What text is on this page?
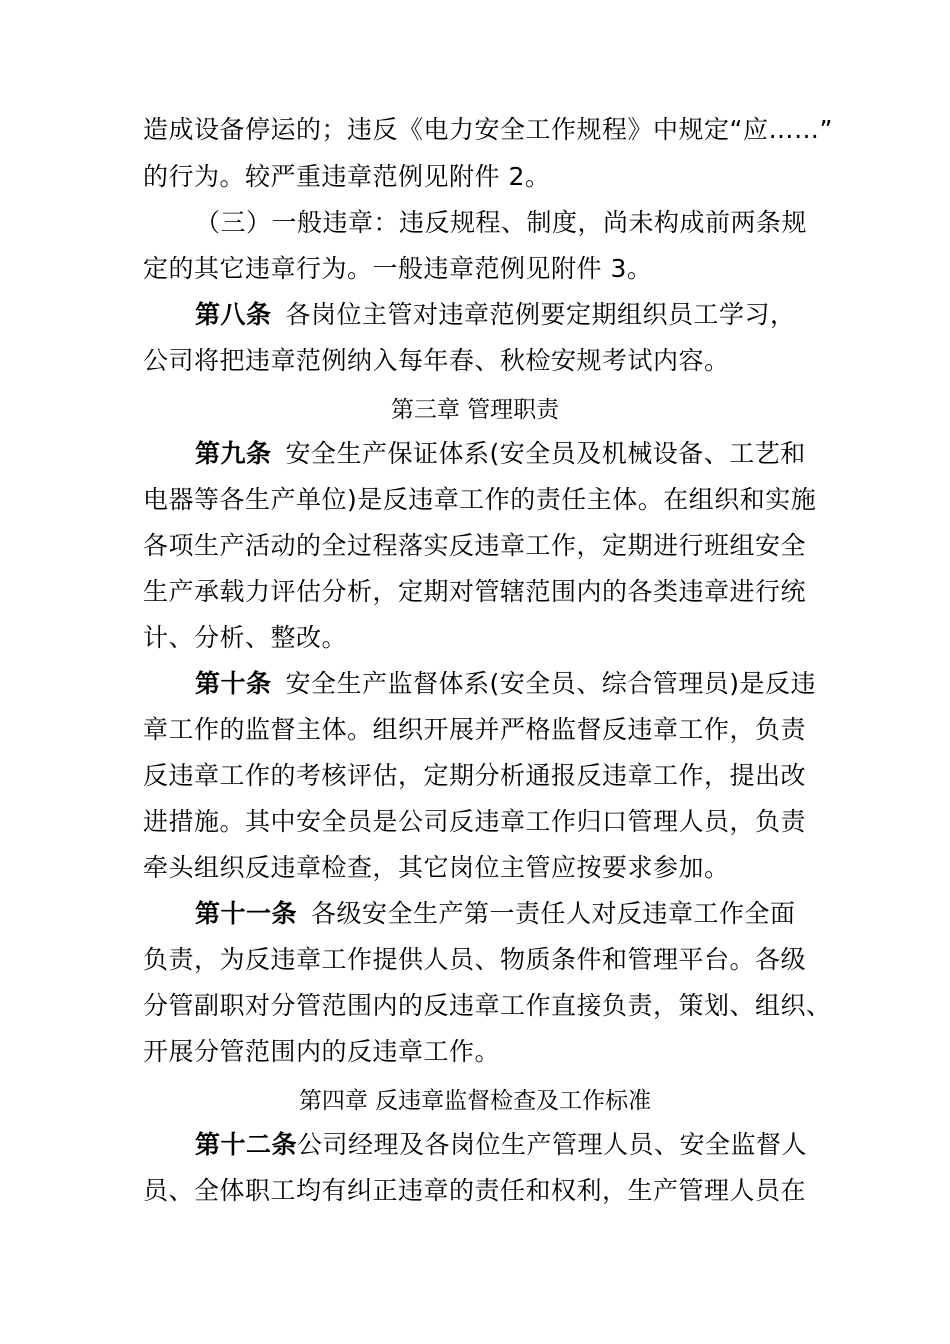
造成设备停运的；违反《电力安全工作规程》中规定“应……”
的行为。较严重违章范例见附件 2。
（三）一般违章：违反规程、制度，尚未构成前两条规
定的其它违章行为。一般违章范例见附件 3。
第八条 各岗位主管对违章范例要定期组织员工学习，
公司将把违章范例纳入每年春、秋检安规考试内容。
第三章 管理职责
第九条 安全生产保证体系(安全员及机械设备、工艺和
电器等各生产单位)是反违章工作的责任主体。在组织和实施
各项生产活动的全过程落实反违章工作，定期进行班组安全
生产承载力评估分析，定期对管辖范围内的各类违章进行统
计、分析、整改。
第十条 安全生产监督体系(安全员、综合管理员)是反违
章工作的监督主体。组织开展并严格监督反违章工作，负责
反违章工作的考核评估，定期分析通报反违章工作，提出改
进措施。其中安全员是公司反违章工作归口管理人员，负责
牵头组织反违章检查，其它岗位主管应按要求参加。
第十一条 各级安全生产第一责任人对反违章工作全面
负责，为反违章工作提供人员、物质条件和管理平台。各级
分管副职对分管范围内的反违章工作直接负责，策划、组织、
开展分管范围内的反违章工作。
第四章 反违章监督检查及工作标准
第十二条公司经理及各岗位生产管理人员、安全监督人
员、全体职工均有纠正违章的责任和权利，生产管理人员在
